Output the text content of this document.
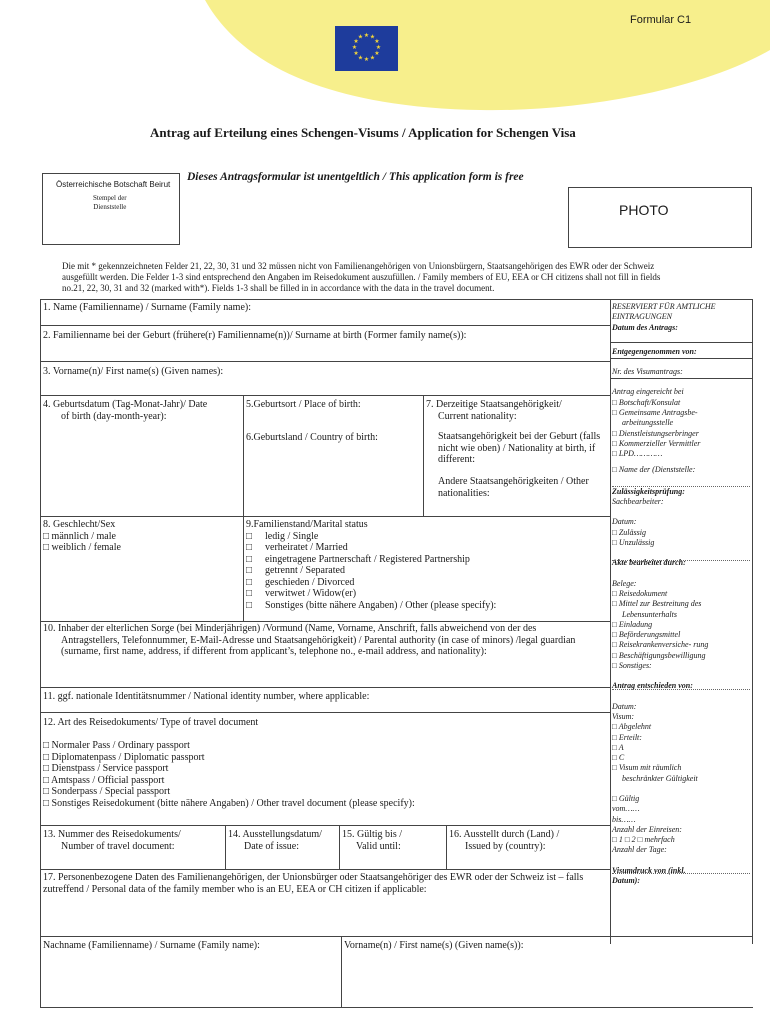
Formular C1
★ ★
★
★
★
★
★
★
★
★
★
★
Antrag auf Erteilung eines Schengen-Visums / Application for Schengen Visa
Dieses Antragsformular ist unentgeltlich / This application form is free
Österreichische Botschaft Beirut
Stempel der
Dienststelle	PHOTO
Die mit * gekennzeichneten Felder 21, 22, 30, 31 und 32 müssen nicht von Familienangehörigen von Unionsbürgern, Staatsangehörigen des EWR oder der Schweiz
ausgefüllt werden. Die Felder 1-3 sind entsprechend den Angaben im Reisedokument auszufüllen. / Family members of EU, EEA or CH citizens shall not fill in fields
no.21, 22, 30, 31 and 32 (marked with*). Fields 1-3 shall be filled in in accordance with the data in the travel document.
1. Name (Familienname) / Surname (Family name):
2. Familienname bei der Geburt (frühere(r) Familienname(n))/ Surname at birth (Former family name(s)):
3. Vorname(n)/ First name(s) (Given names):
4. Geburtsdatum (Tag-Monat-Jahr)/ Date
of birth (day-month-year):
5.Geburtsort / Place of birth:
6.Geburtsland / Country of birth:
7. Derzeitige Staatsangehörigkeit/
Current nationality:
Staatsangehörigkeit bei der Geburt (falls
nicht wie oben) / Nationality at birth, if
different:
Andere Staatsangehörigkeiten / Other
nationalities:
8. Geschlecht/Sex
□ männlich / male
□ weiblich / female
9.Familienstand/Marital status
□ ledig / Single
□ verheiratet / Married
□ eingetragene Partnerschaft / Registered Partnership
□ getrennt / Separated
□ geschieden / Divorced
□ verwitwet / Widow(er)
□ Sonstiges (bitte nähere Angaben) / Other (please specify):
10. Inhaber der elterlichen Sorge (bei Minderjährigen) /Vormund (Name, Vorname, Anschrift, falls abweichend von der des
Antragstellers, Telefonnummer, E-Mail-Adresse und Staatsangehörigkeit) / Parental authority (in case of minors) /legal guardian
(surname, first name, address, if different from applicant’s, telephone no., e-mail address, and nationality):
11. ggf. nationale Identitätsnummer / National identity number, where applicable:
12. Art des Reisedokuments/ Type of travel document
□ Normaler Pass / Ordinary passport
□ Diplomatenpass / Diplomatic passport
□ Dienstpass / Service passport
□ Amtspass / Official passport
□ Sonderpass / Special passport
□ Sonstiges Reisedokument (bitte nähere Angaben) / Other travel document (please specify):
13. Nummer des Reisedokuments/
Number of travel document:
14. Ausstellungsdatum/
Date of issue:
15. Gültig bis /
Valid until:
16. Ausstellt durch (Land) /
Issued by (country):
17. Personenbezogene Daten des Familienangehörigen, der Unionsbürger oder Staatsangehöriger des EWR oder der Schweiz ist – falls
zutreffend / Personal data of the family member who is an EU, EEA or CH citizen if applicable:
Nachname (Familienname) / Surname (Family name):	Vorname(n) / First name(s) (Given name(s)):
RESERVIERT FÜR AMTLICHE
EINTRAGUNGEN
Datum des Antrags:
Entgegengenommen von:
Nr. des Visumantrags:
Antrag eingereicht bei
□ Botschaft/Konsulat
□ Gemeinsame Antragsbe-
arbeitungsstelle
□ Dienstleistungserbringer
□ Kommerzieller Vermittler
□ LPD…………
□ Name der (Dienststelle:
Zulässigkeitsprüfung:
Sachbearbeiter:
Datum:
□ Zulässig
□ Unzulässig
Akte bearbeitet durch:
Belege:
□ Reisedokument
□ Mittel zur Bestreitung des
Lebensunterhalts
□ Einladung
□ Beförderungsmittel
□ Reisekrankenversiche- rung
□ Beschäftigungsbewilligung
□ Sonstiges:
Antrag entschieden von:
Datum:
Visum:
□ Abgelehnt
□ Erteilt:
□ A
□ C
□ Visum mit räumlich
beschränkter Gültigkeit
□ Gültig
vom……
bis……
Anzahl der Einreisen:
□ 1 □ 2 □ mehrfach
Anzahl der Tage:
Visumdruck von (inkl.
Datum):
